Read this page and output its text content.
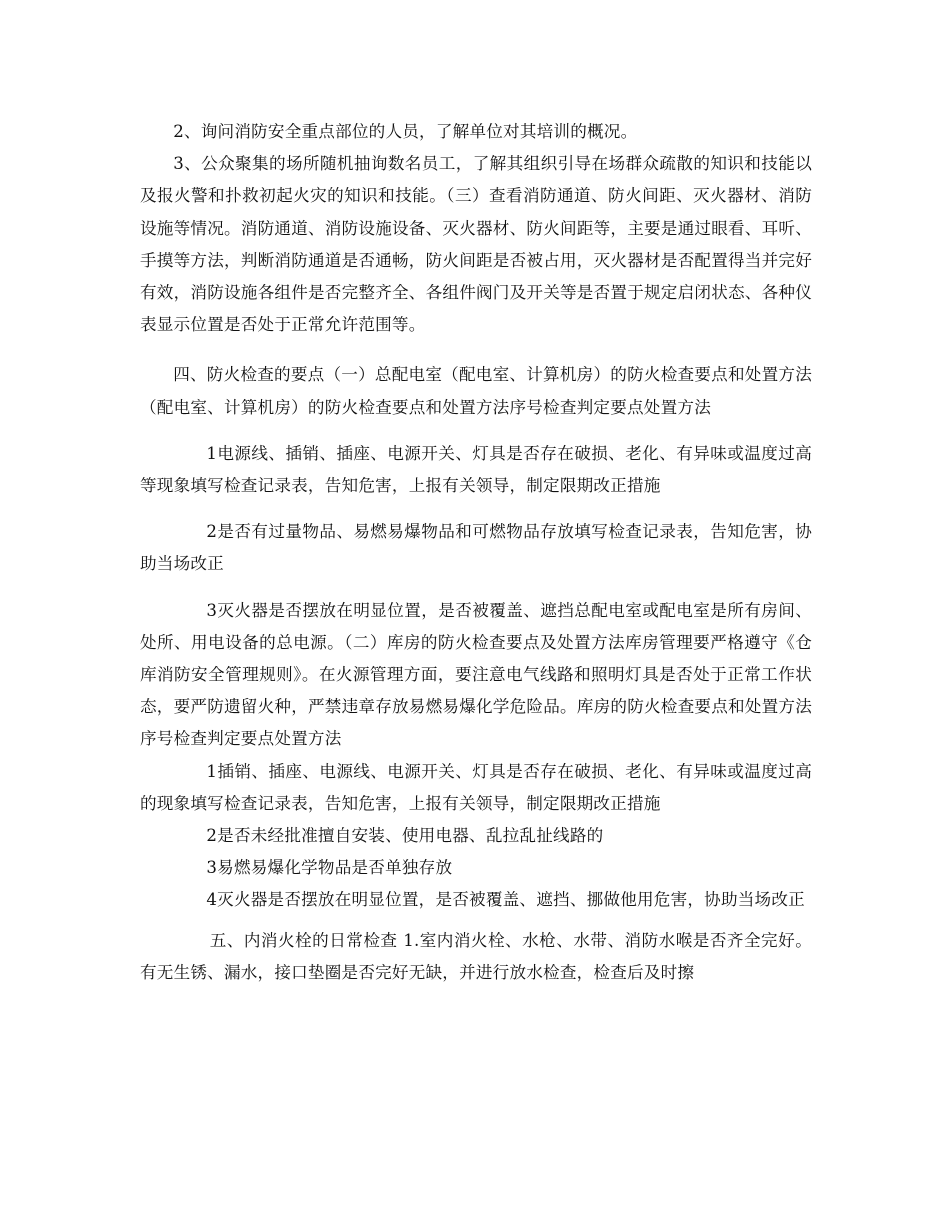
2、询问消防安全重点部位的人员，了解单位对其培训的概况。

3、公众聚集的场所随机抽询数名员工，了解其组织引导在场群众疏散的知识和技能以及报火警和扑救初起火灾的知识和技能。（三）查看消防通道、防火间距、灭火器材、消防设施等情况。消防通道、消防设施设备、灭火器材、防火间距等，主要是通过眼看、耳听、手摸等方法，判断消防通道是否通畅，防火间距是否被占用，灭火器材是否配置得当并完好有效，消防设施各组件是否完整齐全、各组件阀门及开关等是否置于规定启闭状态、各种仪表显示位置是否处于正常允许范围等。

四、防火检查的要点（一）总配电室（配电室、计算机房）的防火检查要点和处置方法（配电室、计算机房）的防火检查要点和处置方法序号检查判定要点处置方法

1电源线、插销、插座、电源开关、灯具是否存在破损、老化、有异味或温度过高等现象填写检查记录表，告知危害，上报有关领导，制定限期改正措施

2是否有过量物品、易燃易爆物品和可燃物品存放填写检查记录表，告知危害，协助当场改正

3灭火器是否摆放在明显位置，是否被覆盖、遮挡总配电室或配电室是所有房间、处所、用电设备的总电源。（二）库房的防火检查要点及处置方法库房管理要严格遵守《仓库消防安全管理规则》。在火源管理方面，要注意电气线路和照明灯具是否处于正常工作状态，要严防遗留火种，严禁违章存放易燃易爆化学危险品。库房的防火检查要点和处置方法序号检查判定要点处置方法

1插销、插座、电源线、电源开关、灯具是否存在破损、老化、有异味或温度过高的现象填写检查记录表，告知危害，上报有关领导，制定限期改正措施

2是否未经批准擅自安装、使用电器、乱拉乱扯线路的

3易燃易爆化学物品是否单独存放

4灭火器是否摆放在明显位置，是否被覆盖、遮挡、挪做他用危害，协助当场改正

五、内消火栓的日常检查 1.室内消火栓、水枪、水带、消防水喉是否齐全完好。有无生锈、漏水，接口垫圈是否完好无缺，并进行放水检查，检查后及时擦
